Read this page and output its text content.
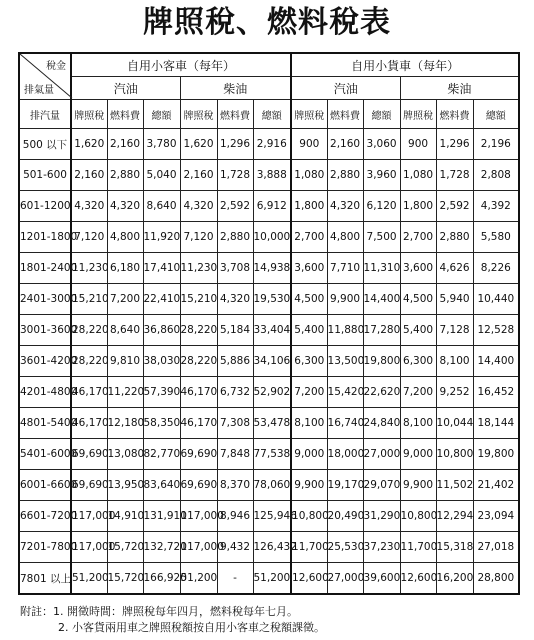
牌照稅、燃料稅表
稅金
排氣量	自用小客車（每年）						自用小貨車（每年）					
	汽油			柴油			汽油			柴油		
排汽量	牌照稅	燃料費	總額	牌照稅	燃料費	總額	牌照稅	燃料費	總額	牌照稅	燃料費	總額
500 以下	1,620	2,160	3,780	1,620	1,296	2,916	900	2,160	3,060	900	1,296	2,196
501-600	2,160	2,880	5,040	2,160	1,728	3,888	1,080	2,880	3,960	1,080	1,728	2,808
601-1200	4,320	4,320	8,640	4,320	2,592	6,912	1,800	4,320	6,120	1,800	2,592	4,392
1201-1800	7,120	4,800	11,920	7,120	2,880	10,000	2,700	4,800	7,500	2,700	2,880	5,580
1801-2400	11,230	6,180	17,410	11,230	3,708	14,938	3,600	7,710	11,310	3,600	4,626	8,226
2401-3000	15,210	7,200	22,410	15,210	4,320	19,530	4,500	9,900	14,400	4,500	5,940	10,440
3001-3600	28,220	8,640	36,860	28,220	5,184	33,404	5,400	11,880	17,280	5,400	7,128	12,528
3601-4200	28,220	9,810	38,030	28,220	5,886	34,106	6,300	13,500	19,800	6,300	8,100	14,400
4201-4800	46,170	11,220	57,390	46,170	6,732	52,902	7,200	15,420	22,620	7,200	9,252	16,452
4801-5400	46,170	12,180	58,350	46,170	7,308	53,478	8,100	16,740	24,840	8,100	10,044	18,144
5401-6000	69,690	13,080	82,770	69,690	7,848	77,538	9,000	18,000	27,000	9,000	10,800	19,800
6001-6600	69,690	13,950	83,640	69,690	8,370	78,060	9,900	19,170	29,070	9,900	11,502	21,402
6601-7200	117,000	14,910	131,910	117,000	8,946	125,946	10,800	20,490	31,290	10,800	12,294	23,094
7201-7800	117,000	15,720	132,720	117,000	9,432	126,432	11,700	25,530	37,230	11,700	15,318	27,018
7801 以上	51,200	15,720	166,920	51,200	-	51,200	12,600	27,000	39,600	12,600	16,200	28,800
附註：1. 開徵時間：牌照稅每年四月，燃料稅每年七月。
2. 小客貨兩用車之牌照稅額按自用小客車之稅額課徵。
